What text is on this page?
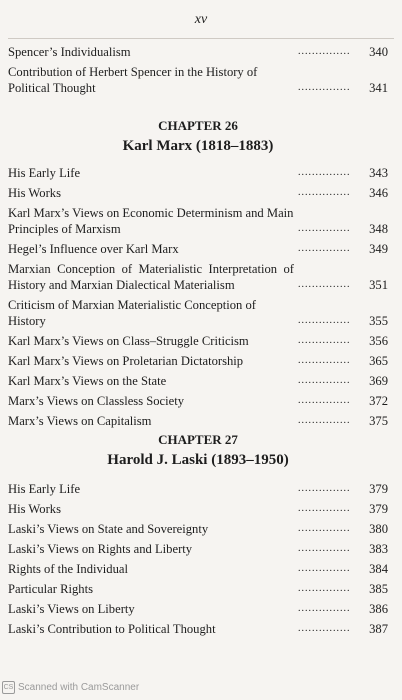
xv
Spencer’s Individualism	...............	340
Contribution of Herbert Spencer in the History of Political Thought	...............	341
CHAPTER 26
Karl Marx (1818–1883)
His Early Life	...............	343
His Works	...............	346
Karl Marx’s Views on Economic Determinism and Main Principles of Marxism	...............	348
Hegel’s Influence over Karl Marx	...............	349
Marxian Conception of Materialistic Interpretation of History and Marxian Dialectical Materialism	...............	351
Criticism of Marxian Materialistic Conception of History	...............	355
Karl Marx’s Views on Class–Struggle Criticism	...............	356
Karl Marx’s Views on Proletarian Dictatorship	...............	365
Karl Marx’s Views on the State	...............	369
Marx’s Views on Classless Society	...............	372
Marx’s Views on Capitalism	...............	375
CHAPTER 27
Harold J. Laski (1893–1950)
His Early Life	...............	379
His Works	...............	379
Laski’s Views on State and Sovereignty	...............	380
Laski’s Views on Rights and Liberty	...............	383
Rights of the Individual	...............	384
Particular Rights	...............	385
Laski’s Views on Liberty	...............	386
Laski’s Contribution to Political Thought	...............	387
CS Scanned with CamScanner
